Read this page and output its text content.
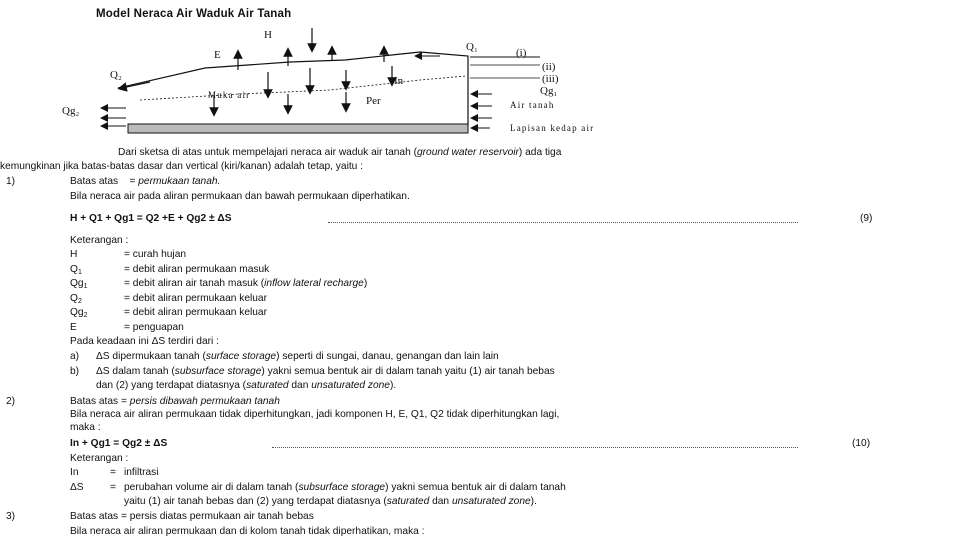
Model Neraca Air Waduk Air Tanah
H
E
Q₁
Q₂
Qg₁
Qg₂
In
Per
Muka air
Air tanah
Lapisan kedap air
(i)
(ii)
(iii)
Dari sketsa di atas untuk mempelajari neraca air waduk air tanah (ground water reservoir) ada tiga
kemungkinan jika batas-batas dasar dan vertical (kiri/kanan) adalah tetap, yaitu :
1)	Batas atas = permukaan tanah.
Bila neraca air pada aliran permukaan dan bawah permukaan diperhatikan.
H + Q1 + Qg1 = Q2 +E + Qg2 ± ΔS	(9)
Keterangan :
H	= curah hujan
$Q_1$	= debit aliran permukaan masuk
$Qg_1$	= debit aliran air tanah masuk (inflow lateral recharge)
$Q_2$	= debit aliran permukaan keluar
$Qg_2$	= debit aliran permukaan keluar
E	= penguapan
Pada keadaan ini ΔS terdiri dari :
a) ΔS dipermukaan tanah (surface storage) seperti di sungai, danau, genangan dan lain lain
b) ΔS dalam tanah (subsurface storage) yakni semua bentuk air di dalam tanah yaitu (1) air tanah bebas
dan (2) yang terdapat diatasnya (saturated dan unsaturated zone).
2)	Batas atas = persis dibawah permukaan tanah
Bila neraca air aliran permukaan tidak diperhitungkan, jadi komponen H, E, Q1, Q2 tidak diperhitungkan lagi,
maka :
In + Qg1 = Qg2 ± ΔS	(10)
Keterangan :
In	= infiltrasi
ΔS	= perubahan volume air di dalam tanah (subsurface storage) yakni semua bentuk air di dalam tanah
yaitu (1) air tanah bebas dan (2) yang terdapat diatasnya (saturated dan unsaturated zone).
3)	Batas atas = persis diatas permukaan air tanah bebas
Bila neraca air aliran permukaan dan di kolom tanah tidak diperhatikan, maka :
